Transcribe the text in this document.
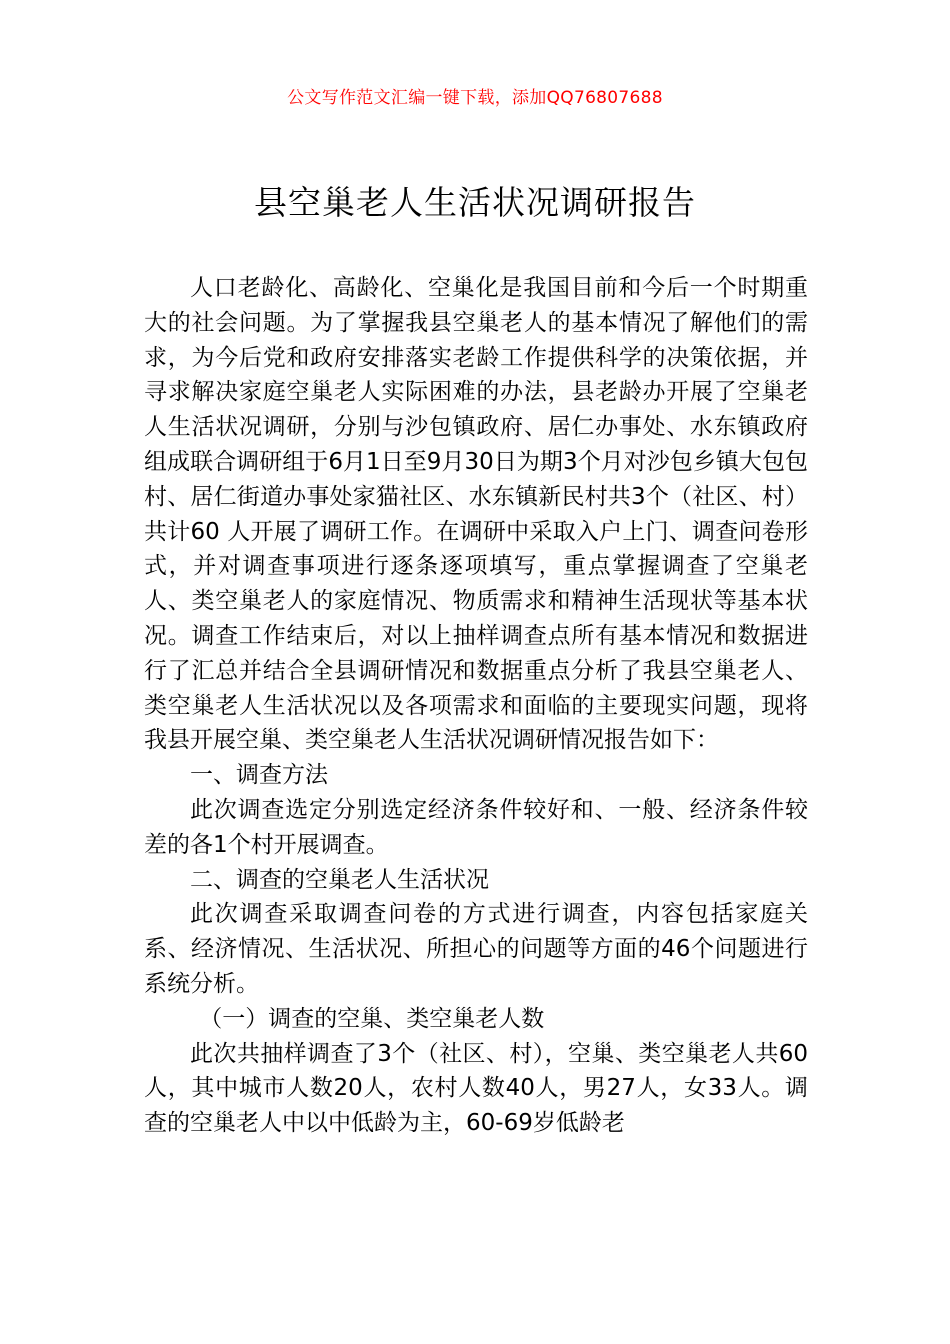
公文写作范文汇编一键下载，添加QQ76807688
县空巢老人生活状况调研报告

人口老龄化、高龄化、空巢化是我国目前和今后一个时期重大的社会问题。为了掌握我县空巢老人的基本情况了解他们的需求，为今后党和政府安排落实老龄工作提供科学的决策依据，并寻求解决家庭空巢老人实际困难的办法，县老龄办开展了空巢老人生活状况调研，分别与沙包镇政府、居仁办事处、水东镇政府组成联合调研组于6月1日至9月30日为期3个月对沙包乡镇大包包村、居仁街道办事处家猫社区、水东镇新民村共3个（社区、村）共计60 人开展了调研工作。在调研中采取入户上门、调查问卷形式，并对调查事项进行逐条逐项填写，重点掌握调查了空巢老人、类空巢老人的家庭情况、物质需求和精神生活现状等基本状况。调查工作结束后，对以上抽样调查点所有基本情况和数据进行了汇总并结合全县调研情况和数据重点分析了我县空巢老人、类空巢老人生活状况以及各项需求和面临的主要现实问题，现将我县开展空巢、类空巢老人生活状况调研情况报告如下：

一、调查方法

此次调查选定分别选定经济条件较好和、一般、经济条件较差的各1个村开展调查。

二、调查的空巢老人生活状况

此次调查采取调查问卷的方式进行调查，内容包括家庭关系、经济情况、生活状况、所担心的问题等方面的46个问题进行系统分析。

（一）调查的空巢、类空巢老人数

此次共抽样调查了3个（社区、村），空巢、类空巢老人共60人，其中城市人数20人，农村人数40人，男27人，女33人。调查的空巢老人中以中低龄为主，60-69岁低龄老
